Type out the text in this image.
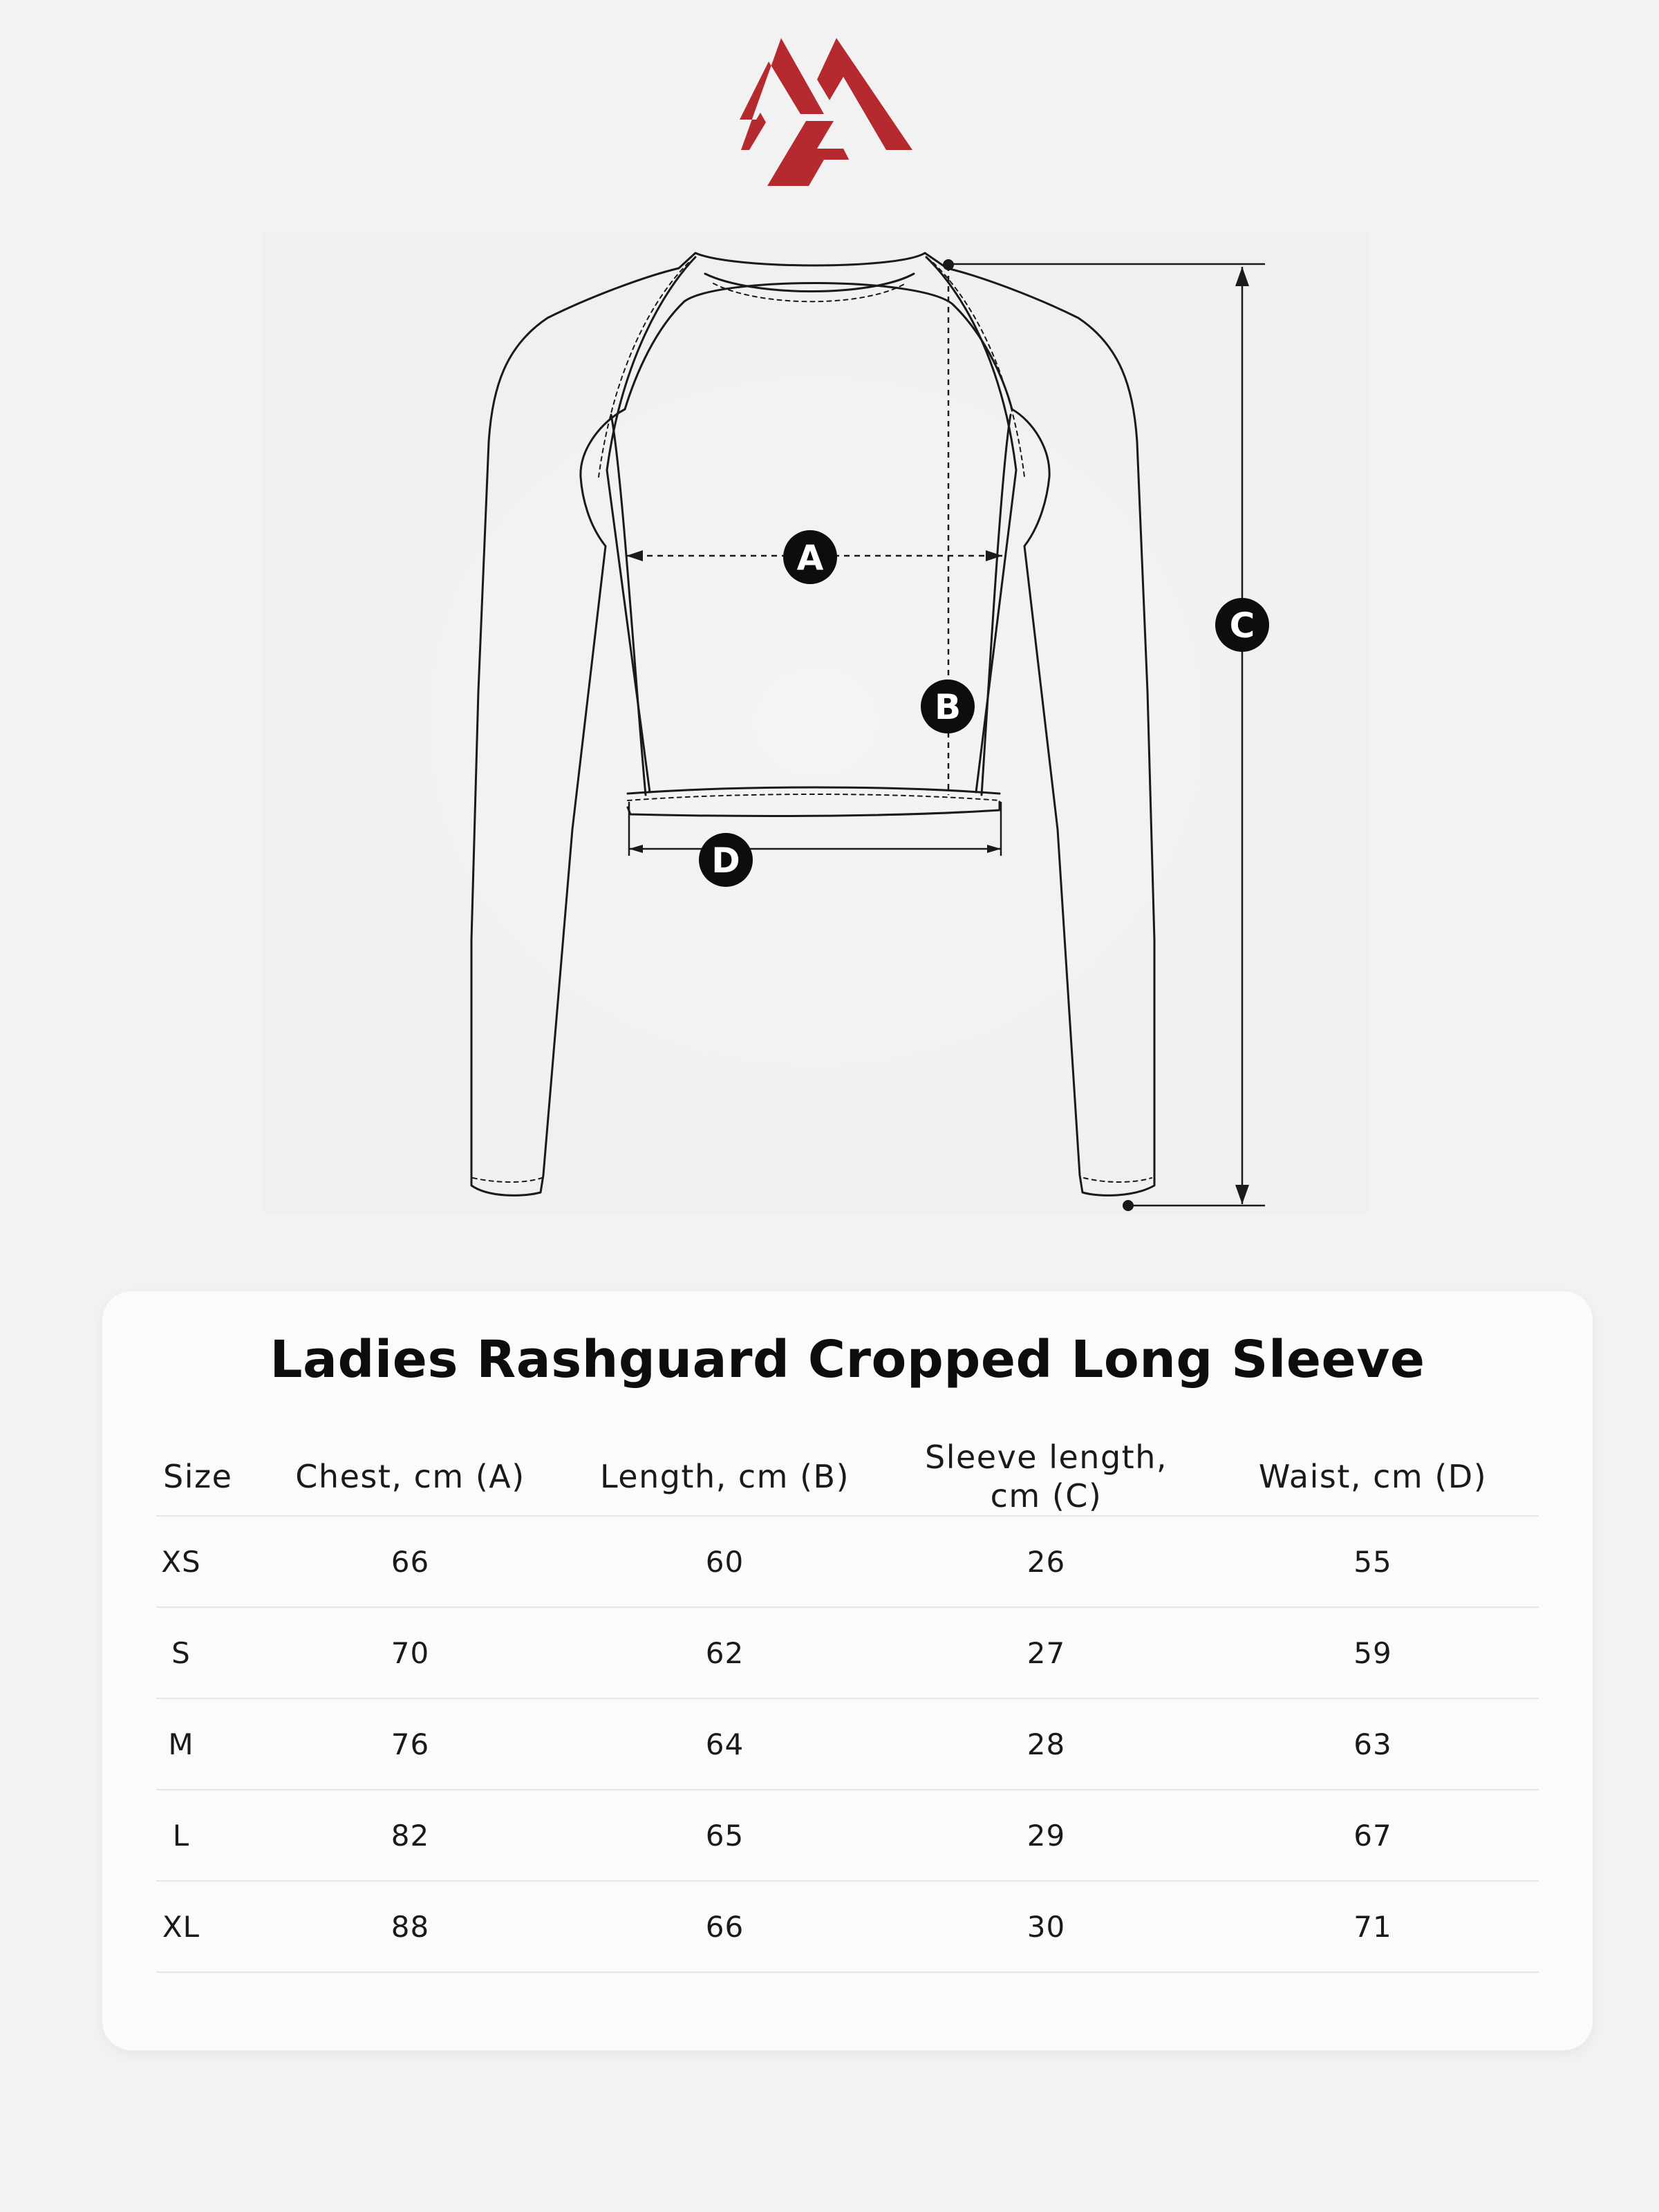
A
B
C
D
Ladies Rashguard Cropped Long Sleeve
Size	Chest, cm (A)	Length, cm (B)	Sleeve length,
cm (C)	Waist, cm (D)
XS	66	60	26	55
S	70	62	27	59
M	76	64	28	63
L	82	65	29	67
XL	88	66	30	71
